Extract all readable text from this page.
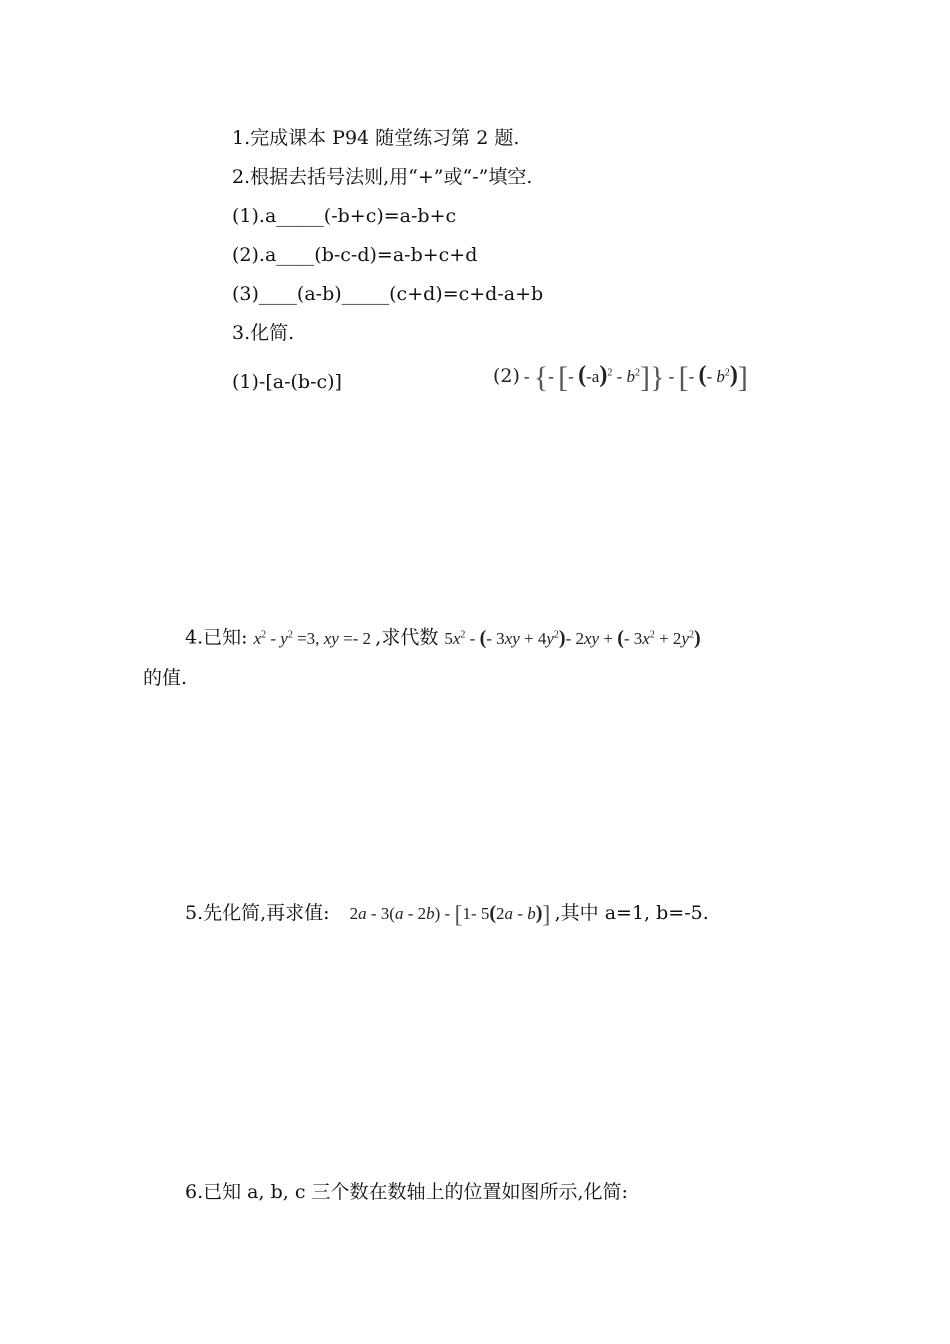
1.完成课本 P94 随堂练习第 2 题.
2.根据去括号法则,用“+”或“-”填空.
(1).a_____(-b+c)=a-b+c
(2).a____(b-c-d)=a-b+c+d
(3)____(a-b)_____(c+d)=c+d-a+b
3.化简.
(1)-[a-(b-c)]	(2) - {- [- $(-a)^2 - b^2$]} - [- (- $b^2$)]
4.已知: $x^2 - y^2 =3$, xy =- 2 ,求代数 $5x^2$ - (- $3xy + 4y^2)-$ 2xy + (- $3x^2 + 2y^2$)
的值.
5.先化简,再求值: 2a - 3(a - 2b) - [1- 5(2a - b)] ,其中 a=1, b=-5.
6.已知 a, b, c 三个数在数轴上的位置如图所示,化简:
